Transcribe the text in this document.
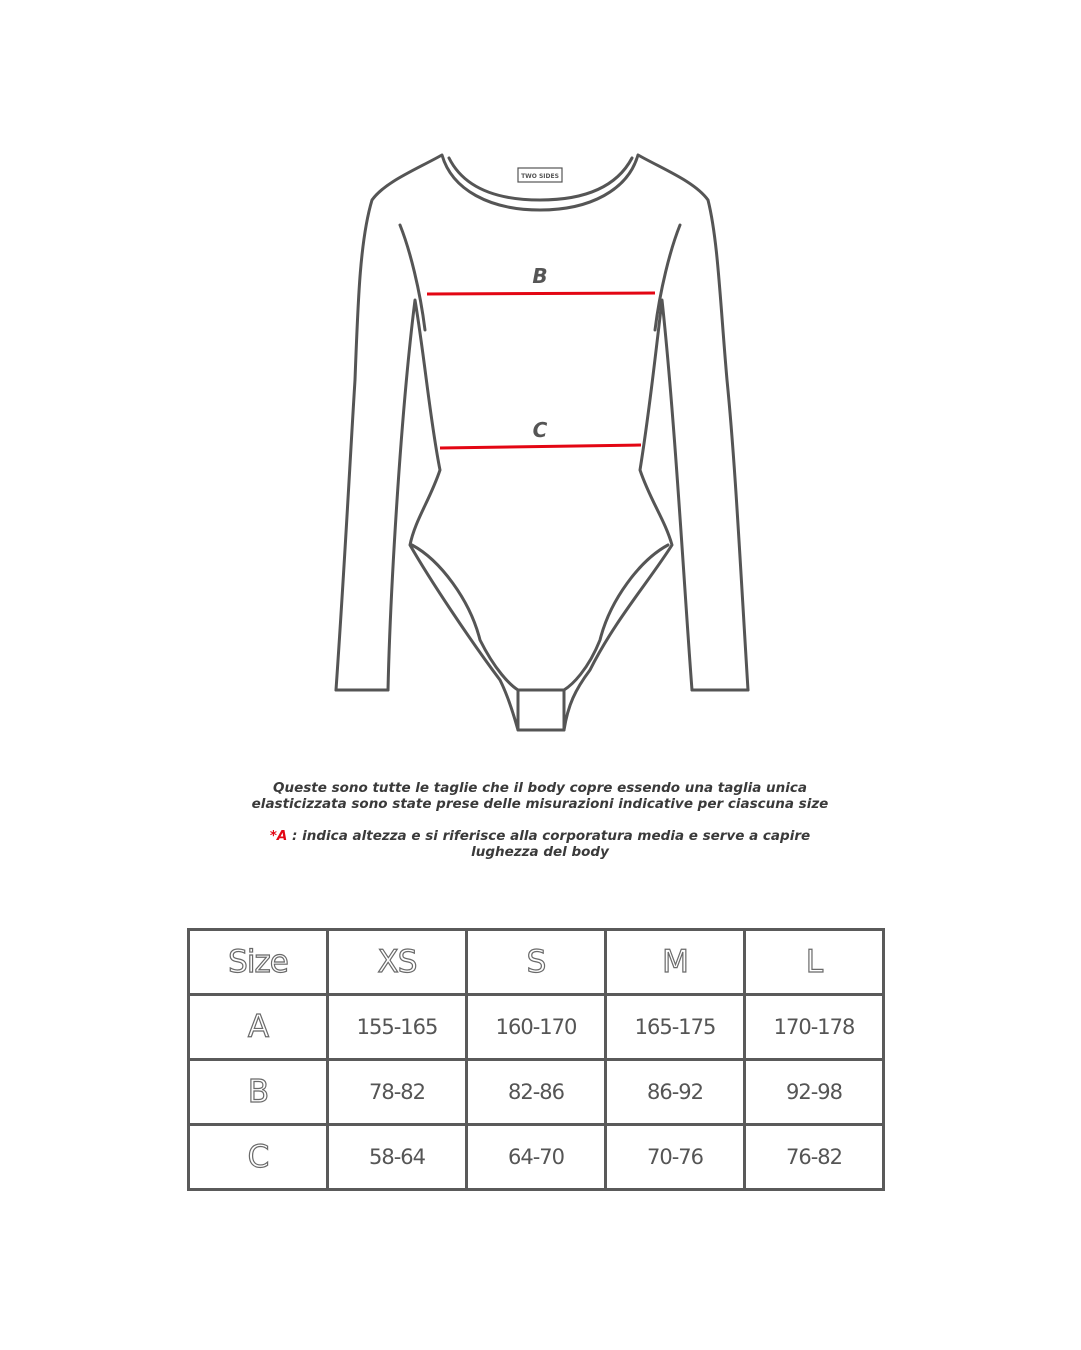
TWO SIDES
B
C
Queste sono tutte le taglie che il body copre essendo una taglia unica
elasticizzata sono state prese delle misurazioni indicative per ciascuna size
*A : indica altezza e si riferisce alla corporatura media e serve a capire
lughezza del body
Size	XS	S	M	L
A	155-165	160-170	165-175	170-178
B	78-82	82-86	86-92	92-98
C	58-64	64-70	70-76	76-82
